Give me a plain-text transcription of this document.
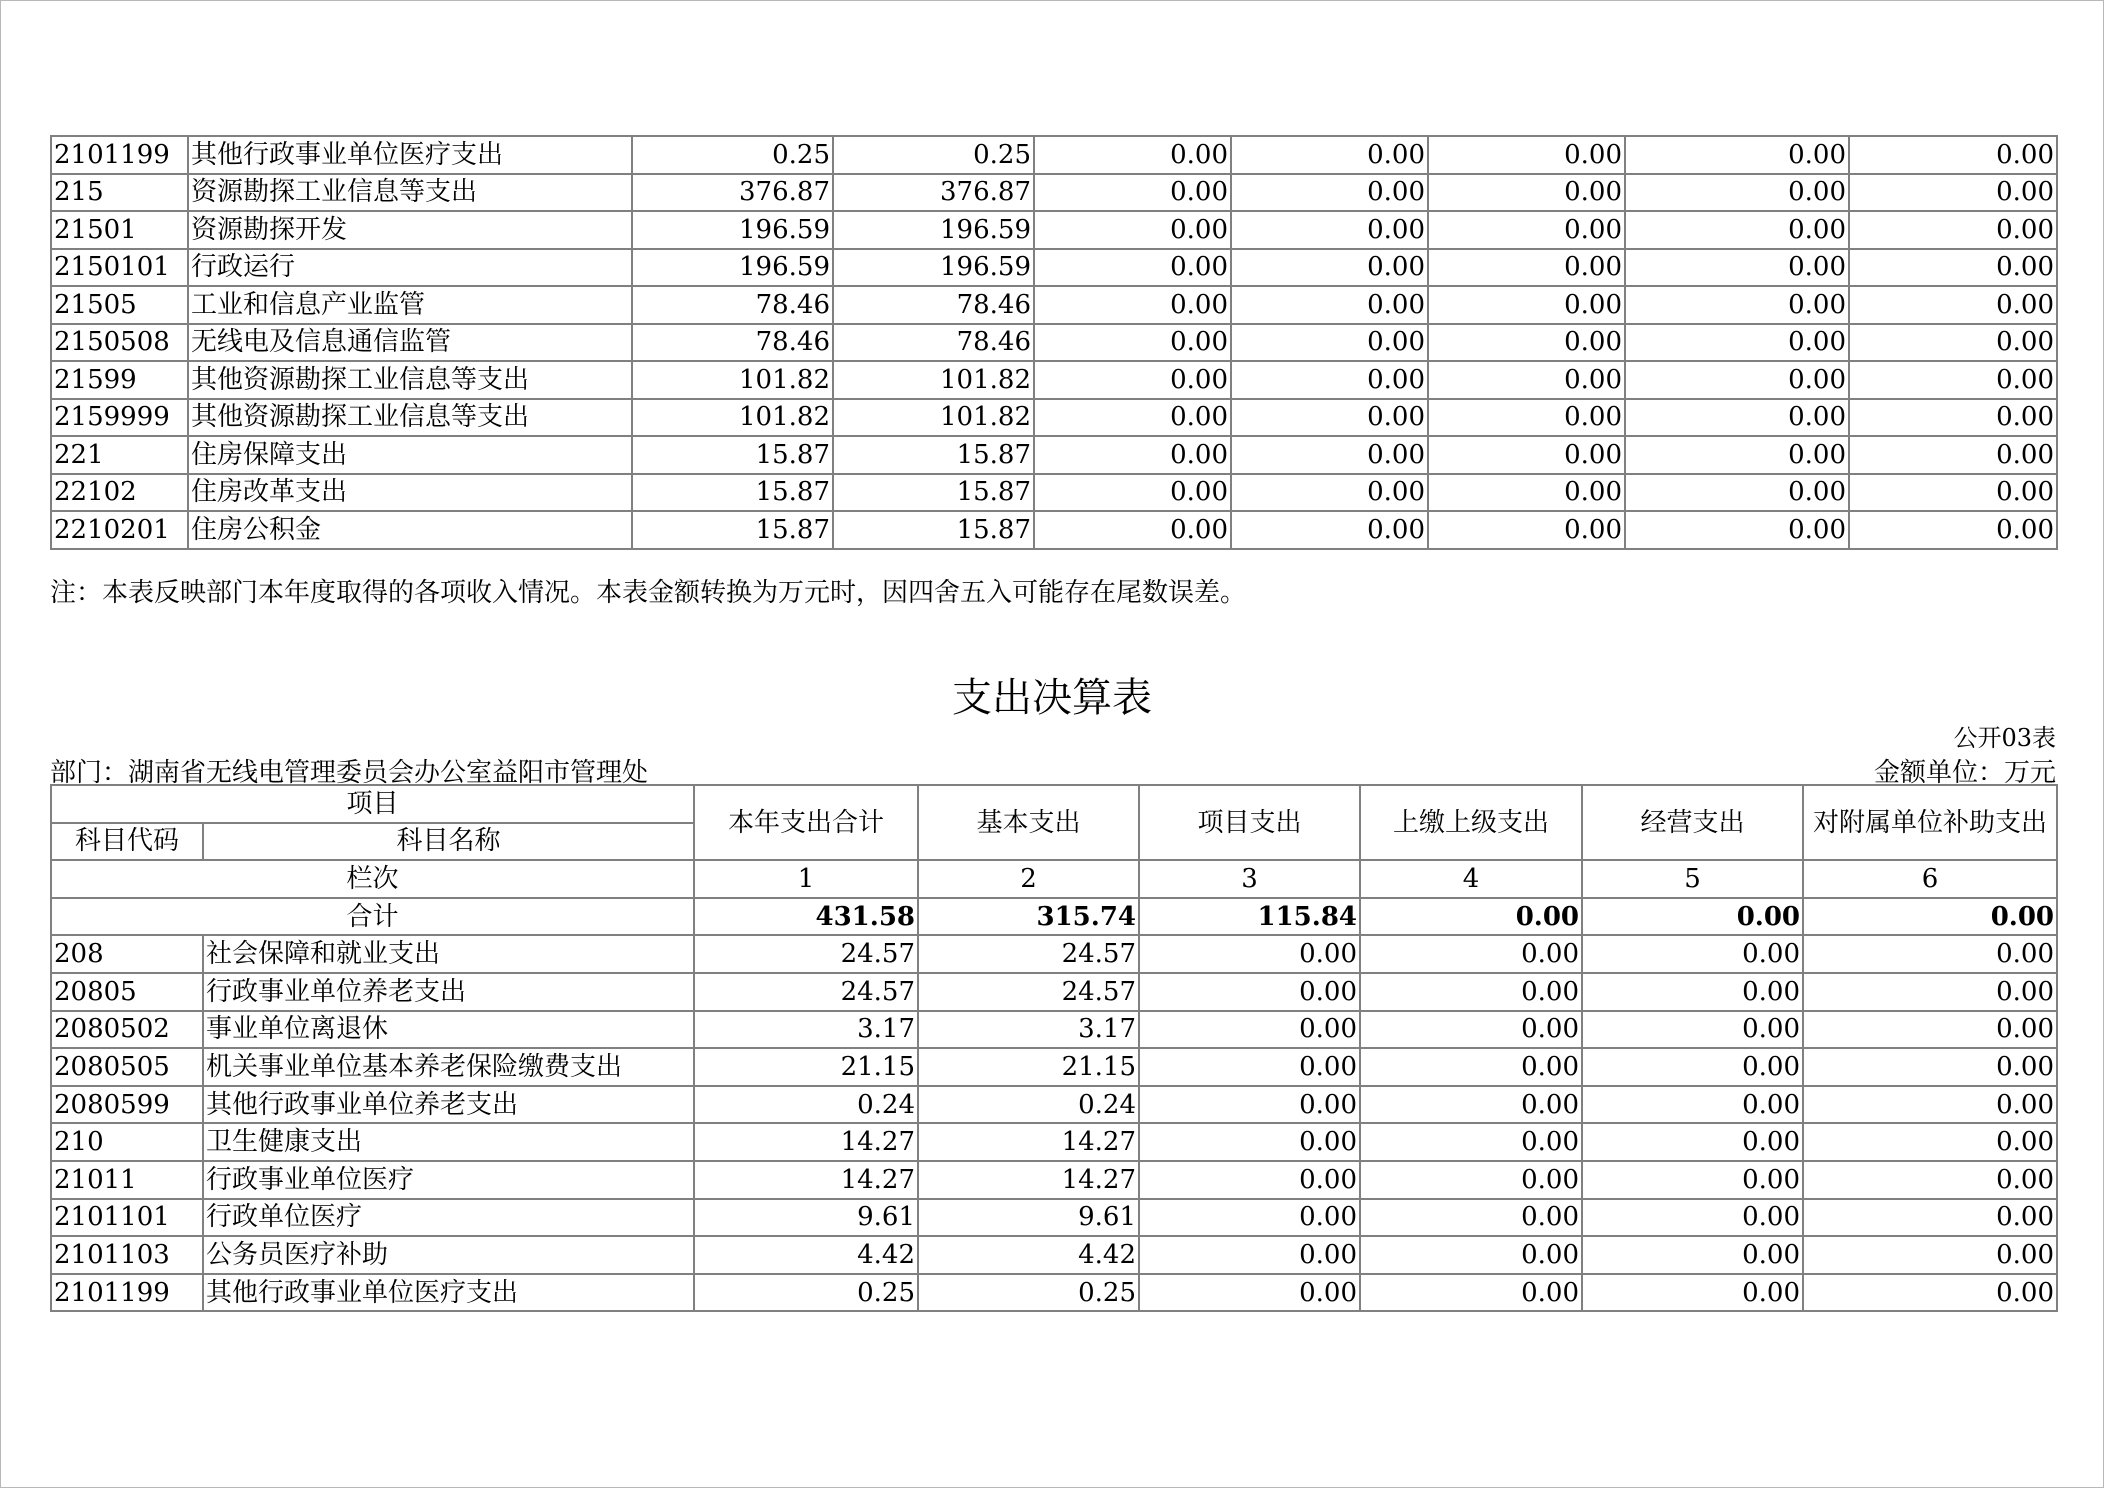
2101199	其他行政事业单位医疗支出	0.25	0.25	0.00	0.00	0.00	0.00	0.00
215	资源勘探工业信息等支出	376.87	376.87	0.00	0.00	0.00	0.00	0.00
21501	资源勘探开发	196.59	196.59	0.00	0.00	0.00	0.00	0.00
2150101	行政运行	196.59	196.59	0.00	0.00	0.00	0.00	0.00
21505	工业和信息产业监管	78.46	78.46	0.00	0.00	0.00	0.00	0.00
2150508	无线电及信息通信监管	78.46	78.46	0.00	0.00	0.00	0.00	0.00
21599	其他资源勘探工业信息等支出	101.82	101.82	0.00	0.00	0.00	0.00	0.00
2159999	其他资源勘探工业信息等支出	101.82	101.82	0.00	0.00	0.00	0.00	0.00
221	住房保障支出	15.87	15.87	0.00	0.00	0.00	0.00	0.00
22102	住房改革支出	15.87	15.87	0.00	0.00	0.00	0.00	0.00
2210201	住房公积金	15.87	15.87	0.00	0.00	0.00	0.00	0.00
注：本表反映部门本年度取得的各项收入情况。本表金额转换为万元时，因四舍五入可能存在尾数误差。
支出决算表
公开03表
部门：湖南省无线电管理委员会办公室益阳市管理处	金额单位：万元
项目		本年支出合计	基本支出	项目支出	上缴上级支出	经营支出	对附属单位补助支出
科目代码	科目名称						
栏次		1	2	3	4	5	6
合计		431.58	315.74	115.84	0.00	0.00	0.00
208	社会保障和就业支出	24.57	24.57	0.00	0.00	0.00	0.00
20805	行政事业单位养老支出	24.57	24.57	0.00	0.00	0.00	0.00
2080502	事业单位离退休	3.17	3.17	0.00	0.00	0.00	0.00
2080505	机关事业单位基本养老保险缴费支出	21.15	21.15	0.00	0.00	0.00	0.00
2080599	其他行政事业单位养老支出	0.24	0.24	0.00	0.00	0.00	0.00
210	卫生健康支出	14.27	14.27	0.00	0.00	0.00	0.00
21011	行政事业单位医疗	14.27	14.27	0.00	0.00	0.00	0.00
2101101	行政单位医疗	9.61	9.61	0.00	0.00	0.00	0.00
2101103	公务员医疗补助	4.42	4.42	0.00	0.00	0.00	0.00
2101199	其他行政事业单位医疗支出	0.25	0.25	0.00	0.00	0.00	0.00
